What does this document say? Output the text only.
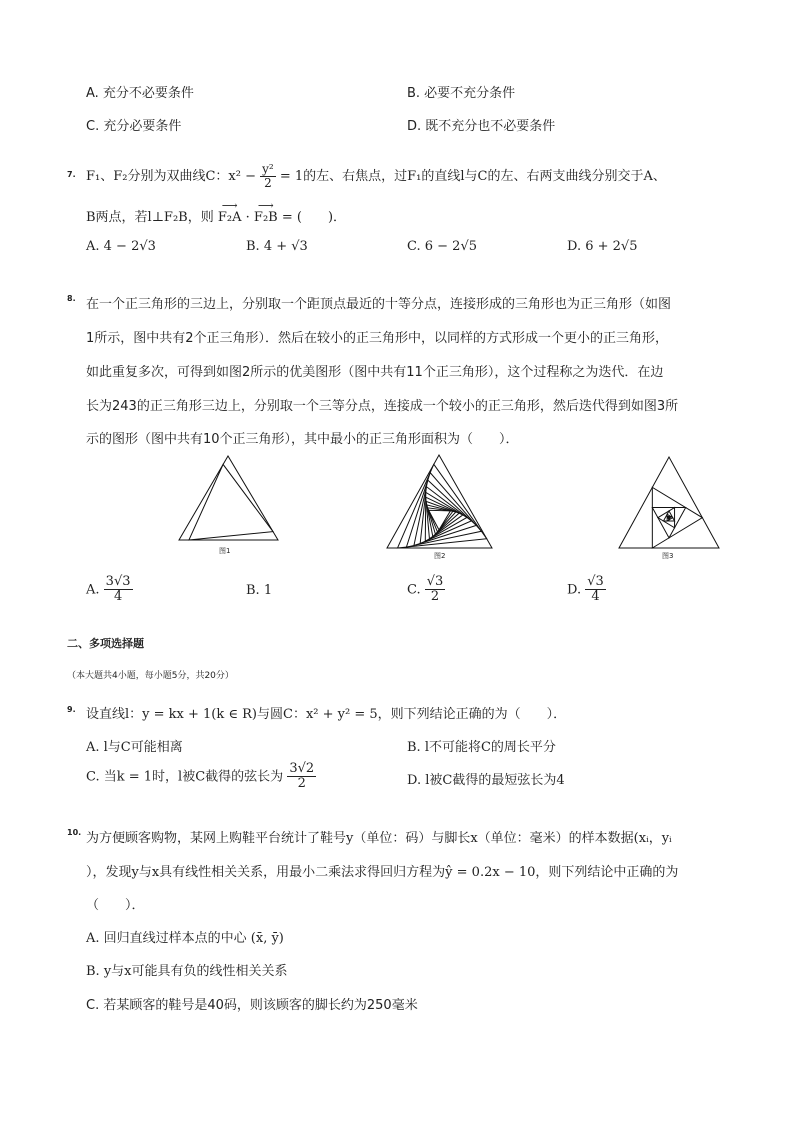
A. 充分不必要条件	B. 必要不充分条件
C. 充分必要条件	D. 既不充分也不必要条件
7. F₁、F₂分别为双曲线C：$x^2 - \frac{\text{y²}}{2} = 1$的左、右焦点，过F₁的直线l与C的左、右两支曲线分别交于A、
B两点，若l⊥F₂B，则 ⟶ F₂A · ⟶ F₂B = (　　)．
A. 4 − 2√3	B. 4 + √3	C. 6 − 2√5	D. 6 + 2√5
8. 在一个正三角形的三边上，分别取一个距顶点最近的十等分点，连接形成的三角形也为正三角形（如图
1所示，图中共有2个正三角形）．然后在较小的正三角形中，以同样的方式形成一个更小的正三角形，
如此重复多次，可得到如图2所示的优美图形（图中共有11个正三角形），这个过程称之为迭代．在边
长为243的正三角形三边上，分别取一个三等分点，连接成一个较小的正三角形，然后迭代得到如图3所
示的图形（图中共有10个正三角形），其中最小的正三角形面积为（　　）．
图1
图2	图3
A. $\frac{3√3}{4}$	B. 1	C. $\frac{√3}{2}$	D. $\frac{√3}{4}$
二、多项选择题
（本大题共4小题，每小题5分，共20分）
9. 设直线l：y = kx + 1(k ∈ R)与圆C：x² + y² = 5，则下列结论正确的为（　　）．
A. l与C可能相离	B. l不可能将C的周长平分
C. 当k = 1时，l被C截得的弦长为 $\frac{3√2}{2}$	D. l被C截得的最短弦长为4
10. 为方便顾客购物，某网上购鞋平台统计了鞋号y（单位：码）与脚长x（单位：毫米）的样本数据(xᵢ，yᵢ
），发现y与x具有线性相关关系，用最小二乘法求得回归方程为ŷ = 0.2x − 10，则下列结论中正确的为
（　　）．
A. 回归直线过样本点的中心 (x̄, ȳ)
B. y与x可能具有负的线性相关关系
C. 若某顾客的鞋号是40码，则该顾客的脚长约为250毫米
